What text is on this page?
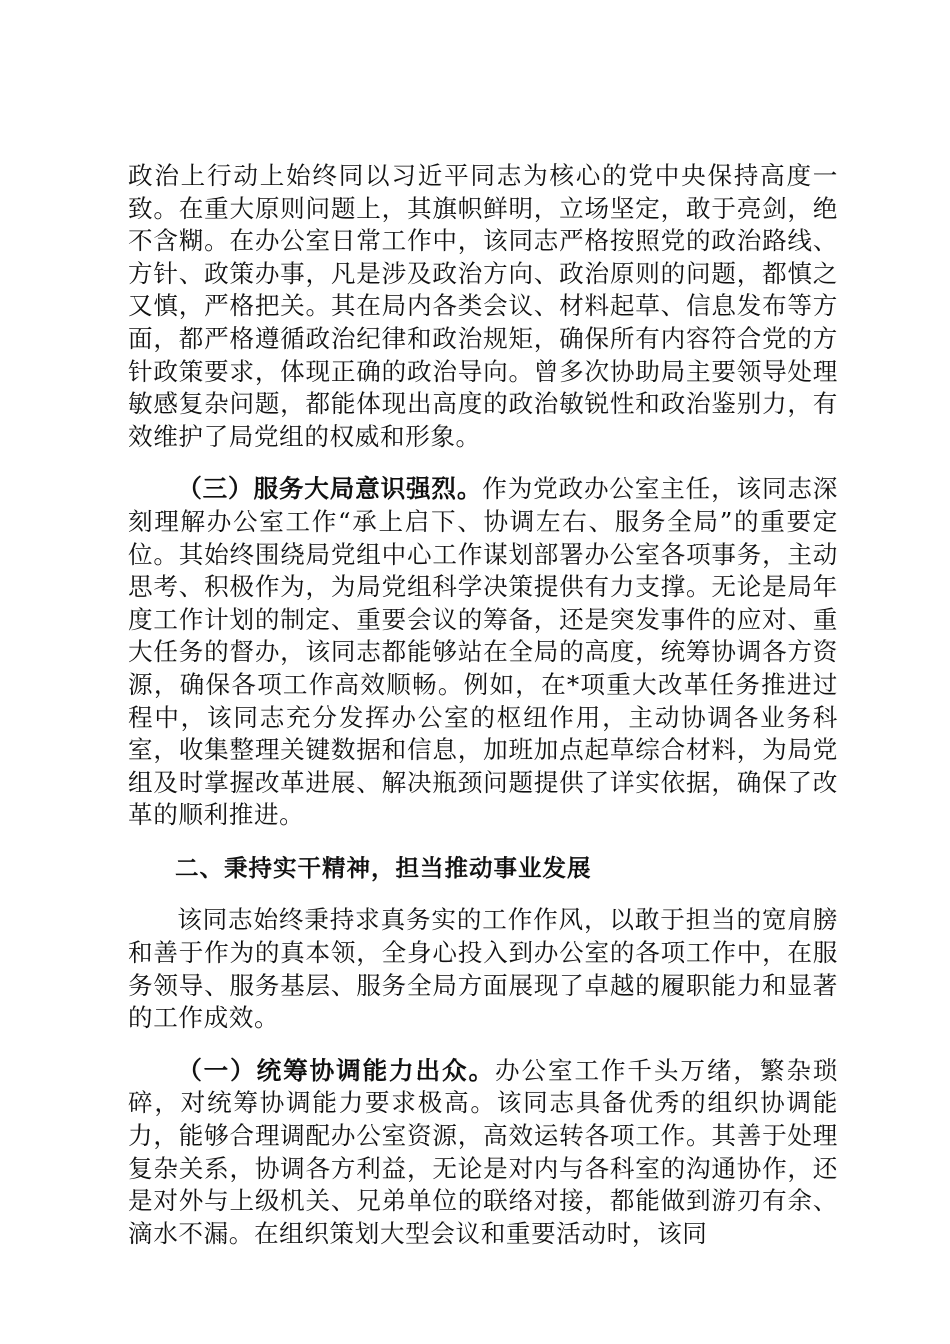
政治上行动上始终同以习近平同志为核心的党中央保持高度一致。在重大原则问题上，其旗帜鲜明，立场坚定，敢于亮剑，绝不含糊。在办公室日常工作中，该同志严格按照党的政治路线、方针、政策办事，凡是涉及政治方向、政治原则的问题，都慎之又慎，严格把关。其在局内各类会议、材料起草、信息发布等方面，都严格遵循政治纪律和政治规矩，确保所有内容符合党的方针政策要求，体现正确的政治导向。曾多次协助局主要领导处理敏感复杂问题，都能体现出高度的政治敏锐性和政治鉴别力，有效维护了局党组的权威和形象。

（三）服务大局意识强烈。作为党政办公室主任，该同志深刻理解办公室工作“承上启下、协调左右、服务全局”的重要定位。其始终围绕局党组中心工作谋划部署办公室各项事务，主动思考、积极作为，为局党组科学决策提供有力支撑。无论是局年度工作计划的制定、重要会议的筹备，还是突发事件的应对、重大任务的督办，该同志都能够站在全局的高度，统筹协调各方资源，确保各项工作高效顺畅。例如，在*项重大改革任务推进过程中，该同志充分发挥办公室的枢纽作用，主动协调各业务科室，收集整理关键数据和信息，加班加点起草综合材料，为局党组及时掌握改革进展、解决瓶颈问题提供了详实依据，确保了改革的顺利推进。

二、秉持实干精神，担当推动事业发展

该同志始终秉持求真务实的工作作风，以敢于担当的宽肩膀和善于作为的真本领，全身心投入到办公室的各项工作中，在服务领导、服务基层、服务全局方面展现了卓越的履职能力和显著的工作成效。

（一）统筹协调能力出众。办公室工作千头万绪，繁杂琐碎，对统筹协调能力要求极高。该同志具备优秀的组织协调能力，能够合理调配办公室资源，高效运转各项工作。其善于处理复杂关系，协调各方利益，无论是对内与各科室的沟通协作，还是对外与上级机关、兄弟单位的联络对接，都能做到游刃有余、滴水不漏。在组织策划大型会议和重要活动时，该同
